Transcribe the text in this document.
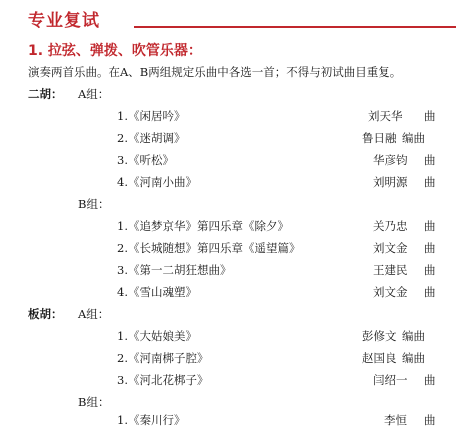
专业复试
1. 拉弦、弹拨、吹管乐器：
演奏两首乐曲。在A、B两组规定乐曲中各选一首；不得与初试曲目重复。
二胡： A组：
1.《闲居吟》	刘天华 曲
2.《迷胡调》	鲁日融 编曲
3.《听松》	华彦钧 曲
4.《河南小曲》	刘明源 曲
B组：
1.《追梦京华》第四乐章《除夕》	关乃忠 曲
2.《长城随想》第四乐章《遥望篇》	刘文金 曲
3.《第一二胡狂想曲》	王建民 曲
4.《雪山魂塑》	刘文金 曲
板胡： A组：
1.《大姑娘美》	彭修文 编曲
2.《河南梆子腔》	赵国良 编曲
3.《河北花梆子》	闫绍一 曲
B组：
1.《秦川行》	李恒 曲
